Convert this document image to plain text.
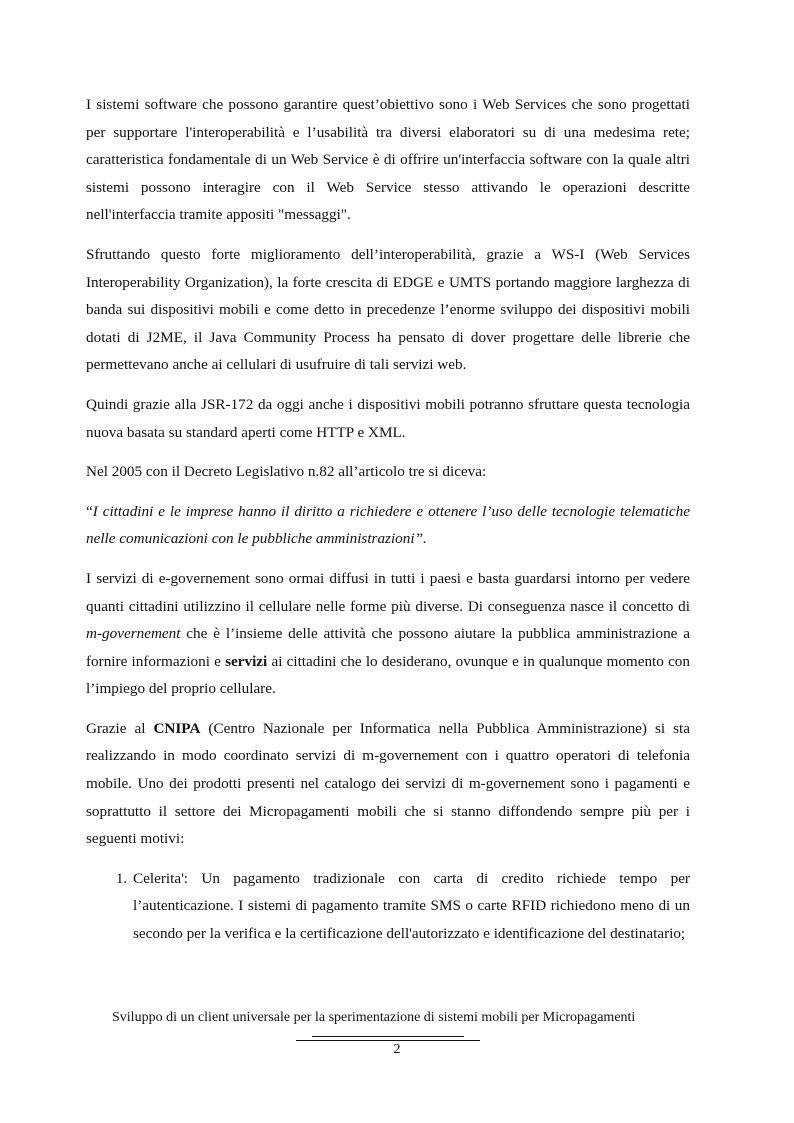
I sistemi software che possono garantire quest’obiettivo sono i Web Services che sono progettati per supportare l'interoperabilità e l’usabilità tra diversi elaboratori su di una medesima rete; caratteristica fondamentale di un Web Service è di offrire un'interfaccia software con la quale altri sistemi possono interagire con il Web Service stesso attivando le operazioni descritte nell'interfaccia tramite appositi "messaggi".

Sfruttando questo forte miglioramento dell’interoperabilità, grazie a WS-I (Web Services Interoperability Organization), la forte crescita di EDGE e UMTS portando maggiore larghezza di banda sui dispositivi mobili e come detto in precedenze l’enorme sviluppo dei dispositivi mobili dotati di J2ME, il Java Community Process ha pensato di dover progettare delle librerie che permettevano anche ai cellulari di usufruire di tali servizi web.

Quindi grazie alla JSR-172 da oggi anche i dispositivi mobili potranno sfruttare questa tecnologia nuova basata su standard aperti come HTTP e XML.

Nel 2005 con il Decreto Legislativo n.82 all’articolo tre si diceva:

“I cittadini e le imprese hanno il diritto a richiedere e ottenere l’uso delle tecnologie telematiche nelle comunicazioni con le pubbliche amministrazioni”.

I servizi di e-governement sono ormai diffusi in tutti i paesi e basta guardarsi intorno per vedere quanti cittadini utilizzino il cellulare nelle forme più diverse. Di conseguenza nasce il concetto di m-governement che è l’insieme delle attività che possono aiutare la pubblica amministrazione a fornire informazioni e servizi ai cittadini che lo desiderano, ovunque e in qualunque momento con l’impiego del proprio cellulare.

Grazie al CNIPA (Centro Nazionale per Informatica nella Pubblica Amministrazione) si sta realizzando in modo coordinato servizi di m-governement con i quattro operatori di telefonia mobile. Uno dei prodotti presenti nel catalogo dei servizi di m-governement sono i pagamenti e soprattutto il settore dei Micropagamenti mobili che si stanno diffondendo sempre più per i seguenti motivi:

1. Celerita': Un pagamento tradizionale con carta di credito richiede tempo per l’autenticazione. I sistemi di pagamento tramite SMS o carte RFID richiedono meno di un secondo per la verifica e la certificazione dell'autorizzato e identificazione del destinatario;
Sviluppo di un client universale per la sperimentazione di sistemi mobili per Micropagamenti
2
